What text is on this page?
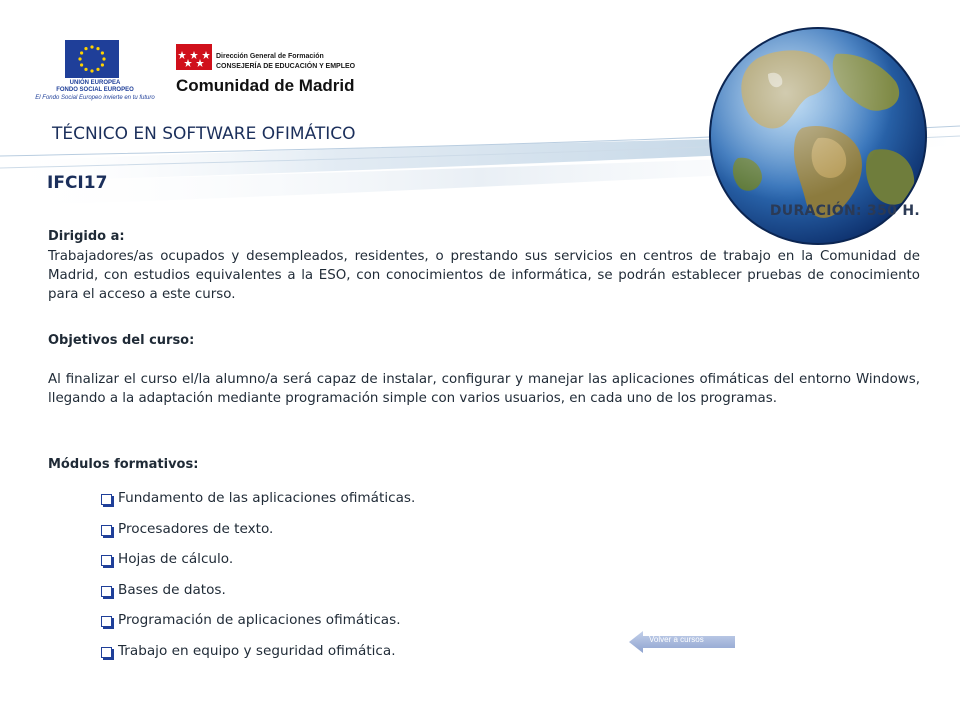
UNIÓN EUROPEA
FONDO SOCIAL EUROPEO
El Fondo Social Europeo invierte en tu futuro
Dirección General de Formación
CONSEJERÍA DE EDUCACIÓN Y EMPLEO
Comunidad de Madrid
TÉCNICO EN SOFTWARE OFIMÁTICO
IFCI17
DURACIÓN: 350 H.
Dirigido a:
Trabajadores/as ocupados y desempleados, residentes, o prestando sus servicios en centros de trabajo en la Comunidad de Madrid, con estudios equivalentes a la ESO, con conocimientos de informática, se podrán establecer pruebas de conocimiento para el acceso a este curso.
Objetivos del curso:
Al finalizar el curso el/la alumno/a será capaz de instalar, configurar y manejar las aplicaciones ofimáticas del entorno Windows, llegando a la adaptación mediante programación simple con varios usuarios, en cada uno de los programas.
Módulos formativos:
Fundamento de las aplicaciones ofimáticas.
Procesadores de texto.
Hojas de cálculo.
Bases de datos.
Programación de aplicaciones ofimáticas.
Trabajo en equipo y seguridad ofimática.
Volver a cursos
